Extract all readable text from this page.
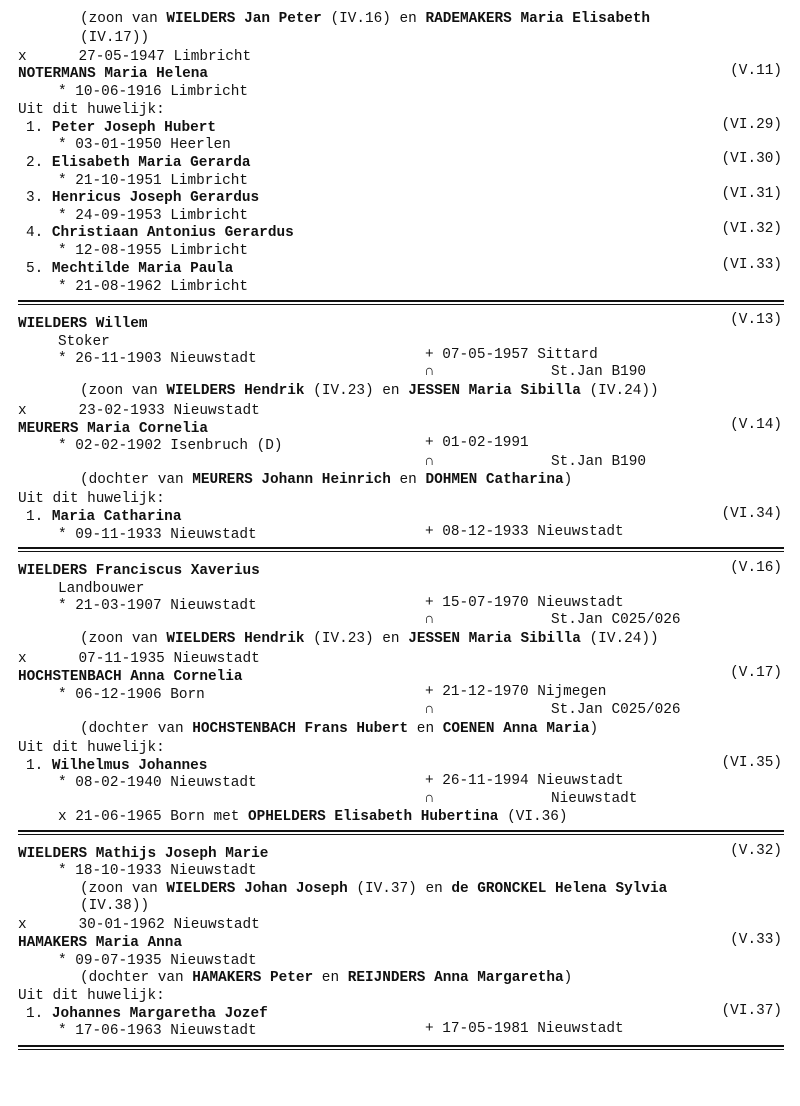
(zoon van WIELDERS Jan Peter (IV.16) en RADEMAKERS Maria Elisabeth
(IV.17))
x      27-05-1947 Limbricht
NOTERMANS Maria Helena	(V.11)
* 10-06-1916 Limbricht
Uit dit huwelijk:
1. Peter Joseph Hubert	(VI.29)
* 03-01-1950 Heerlen
2. Elisabeth Maria Gerarda	(VI.30)
* 21-10-1951 Limbricht
3. Henricus Joseph Gerardus	(VI.31)
* 24-09-1953 Limbricht
4. Christiaan Antonius Gerardus	(VI.32)
* 12-08-1955 Limbricht
5. Mechtilde Maria Paula	(VI.33)
* 21-08-1962 Limbricht
WIELDERS Willem	(V.13)
Stoker
* 26-11-1903 Nieuwstadt	+ 07-05-1957 Sittard
∩	St.Jan B190
(zoon van WIELDERS Hendrik (IV.23) en JESSEN Maria Sibilla (IV.24))
x      23-02-1933 Nieuwstadt
MEURERS Maria Cornelia	(V.14)
* 02-02-1902 Isenbruch (D)	+ 01-02-1991
∩	St.Jan B190
(dochter van MEURERS Johann Heinrich en DOHMEN Catharina)
Uit dit huwelijk:
1. Maria Catharina	(VI.34)
* 09-11-1933 Nieuwstadt	+ 08-12-1933 Nieuwstadt
WIELDERS Franciscus Xaverius	(V.16)
Landbouwer
* 21-03-1907 Nieuwstadt	+ 15-07-1970 Nieuwstadt
∩	St.Jan C025/026
(zoon van WIELDERS Hendrik (IV.23) en JESSEN Maria Sibilla (IV.24))
x      07-11-1935 Nieuwstadt
HOCHSTENBACH Anna Cornelia	(V.17)
* 06-12-1906 Born	+ 21-12-1970 Nijmegen
∩	St.Jan C025/026
(dochter van HOCHSTENBACH Frans Hubert en COENEN Anna Maria)
Uit dit huwelijk:
1. Wilhelmus Johannes	(VI.35)
* 08-02-1940 Nieuwstadt	+ 26-11-1994 Nieuwstadt
∩	Nieuwstadt
x 21-06-1965 Born met OPHELDERS Elisabeth Hubertina (VI.36)
WIELDERS Mathijs Joseph Marie	(V.32)
* 18-10-1933 Nieuwstadt
(zoon van WIELDERS Johan Joseph (IV.37) en de GRONCKEL Helena Sylvia
(IV.38))
x      30-01-1962 Nieuwstadt
HAMAKERS Maria Anna	(V.33)
* 09-07-1935 Nieuwstadt
(dochter van HAMAKERS Peter en REIJNDERS Anna Margaretha)
Uit dit huwelijk:
1. Johannes Margaretha Jozef	(VI.37)
* 17-06-1963 Nieuwstadt	+ 17-05-1981 Nieuwstadt
